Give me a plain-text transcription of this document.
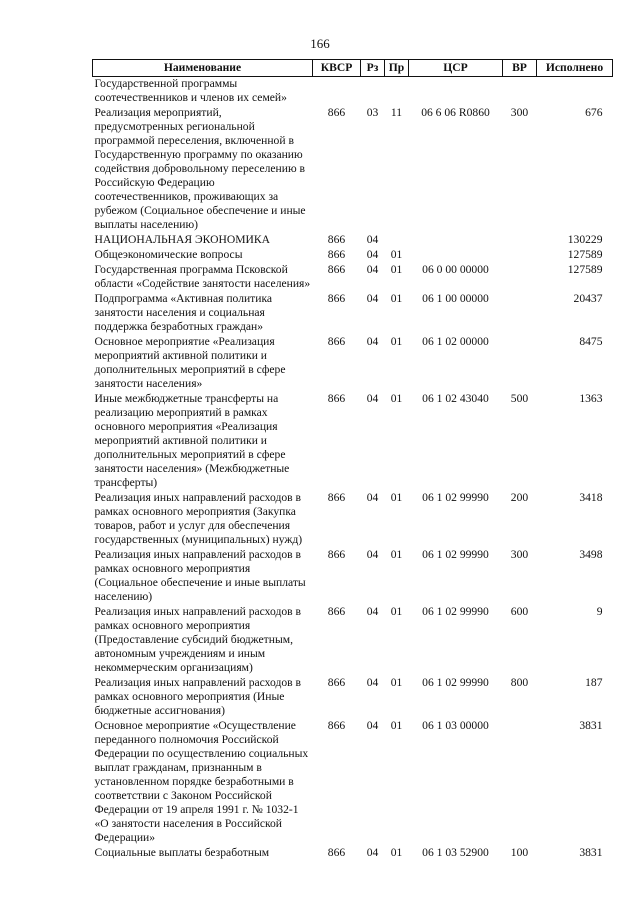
166
Наименование	КВСР	Рз	Пр	ЦСР	ВР	Исполнено
Государственной программы соотечественников и членов их семей»						
Реализация мероприятий, предусмотренных региональной программой переселения, включенной в Государственную программу по оказанию содействия добровольному переселению в Российскую Федерацию соотечественников, проживающих за рубежом (Социальное обеспечение и иные выплаты населению)	866	03	11	06 6 06 R0860	300	676
НАЦИОНАЛЬНАЯ ЭКОНОМИКА	866	04				130229
Общеэкономические вопросы	866	04	01			127589
Государственная программа Псковской области «Содействие занятости населения»	866	04	01	06 0 00 00000		127589
Подпрограмма «Активная политика занятости населения и социальная поддержка безработных граждан»	866	04	01	06 1 00 00000		20437
Основное мероприятие «Реализация мероприятий активной политики и дополнительных мероприятий в сфере занятости населения»	866	04	01	06 1 02 00000		8475
Иные межбюджетные трансферты на реализацию мероприятий в рамках основного мероприятия «Реализация мероприятий активной политики и дополнительных мероприятий в сфере занятости населения» (Межбюджетные трансферты)	866	04	01	06 1 02 43040	500	1363
Реализация иных направлений расходов в рамках основного мероприятия (Закупка товаров, работ и услуг для обеспечения государственных (муниципальных) нужд)	866	04	01	06 1 02 99990	200	3418
Реализация иных направлений расходов в рамках основного мероприятия (Социальное обеспечение и иные выплаты населению)	866	04	01	06 1 02 99990	300	3498
Реализация иных направлений расходов в рамках основного мероприятия (Предоставление субсидий бюджетным, автономным учреждениям и иным некоммерческим организациям)	866	04	01	06 1 02 99990	600	9
Реализация иных направлений расходов в рамках основного мероприятия (Иные бюджетные ассигнования)	866	04	01	06 1 02 99990	800	187
Основное мероприятие «Осуществление переданного полномочия Российской Федерации по осуществлению социальных выплат гражданам, признанным в установленном порядке безработными в соответствии с Законом Российской Федерации от 19 апреля 1991 г. № 1032-1 «О занятости населения в Российской Федерации»	866	04	01	06 1 03 00000		3831
Социальные выплаты безработным	866	04	01	06 1 03 52900	100	3831
